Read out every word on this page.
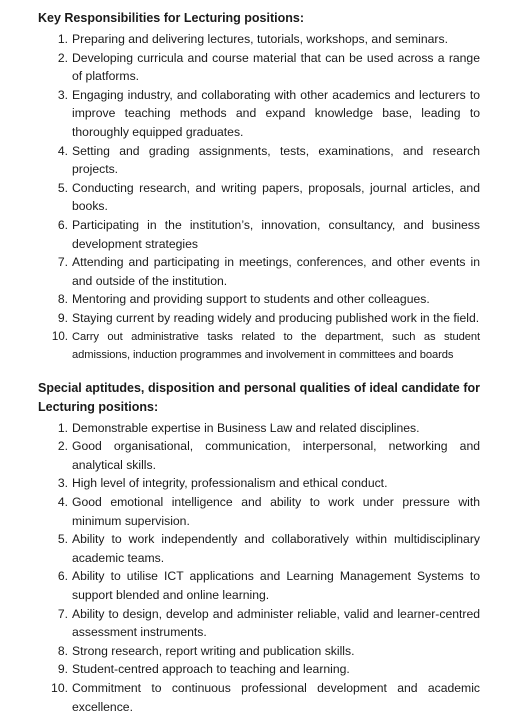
Key Responsibilities for Lecturing positions:

1. Preparing and delivering lectures, tutorials, workshops, and seminars.
2. Developing curricula and course material that can be used across a range of platforms.
3. Engaging industry, and collaborating with other academics and lecturers to improve teaching methods and expand knowledge base, leading to thoroughly equipped graduates.
4. Setting and grading assignments, tests, examinations, and research projects.
5. Conducting research, and writing papers, proposals, journal articles, and books.
6. Participating in the institution’s, innovation, consultancy, and business development strategies
7. Attending and participating in meetings, conferences, and other events in and outside of the institution.
8. Mentoring and providing support to students and other colleagues.
9. Staying current by reading widely and producing published work in the field.
10. Carry out administrative tasks related to the department, such as student admissions, induction programmes and involvement in committees and boards

Special aptitudes, disposition and personal qualities of ideal candidate for Lecturing positions:

1. Demonstrable expertise in Business Law and related disciplines.
2. Good organisational, communication, interpersonal, networking and analytical skills.
3. High level of integrity, professionalism and ethical conduct.
4. Good emotional intelligence and ability to work under pressure with minimum supervision.
5. Ability to work independently and collaboratively within multidisciplinary academic teams.
6. Ability to utilise ICT applications and Learning Management Systems to support blended and online learning.
7. Ability to design, develop and administer reliable, valid and learner-centred assessment instruments.
8. Strong research, report writing and publication skills.
9. Student-centred approach to teaching and learning.
10. Commitment to continuous professional development and academic excellence.
